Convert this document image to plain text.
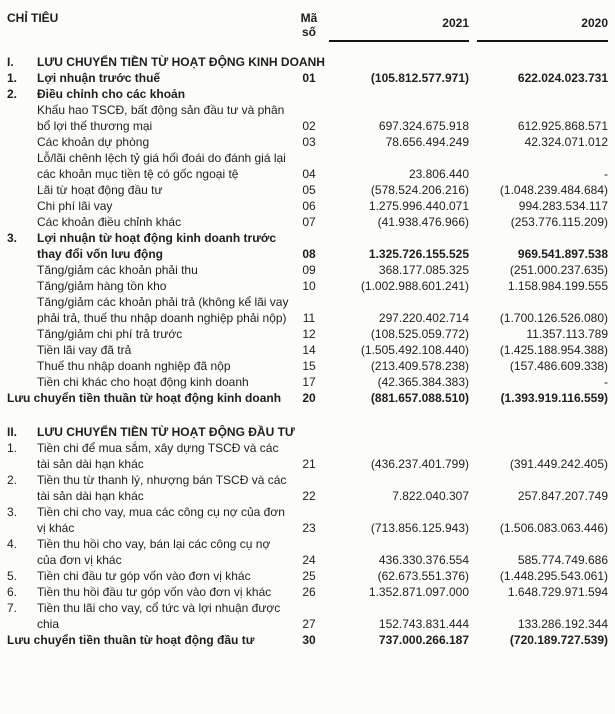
CHỈ TIÊU	Mã
số
2021	2020
I.	LƯU CHUYỂN TIỀN TỪ HOẠT ĐỘNG KINH DOANH
1.	Lợi nhuận trước thuế	01	(105.812.577.971)	622.024.023.731
2.	Điều chỉnh cho các khoản
Khấu hao TSCĐ, bất động sản đầu tư và phân bổ lợi thế thương mại	02	697.324.675.918	612.925.868.571
Các khoản dự phòng	03	78.656.494.249	42.324.071.012
Lỗ/lãi chênh lệch tỷ giá hối đoái do đánh giá lại các khoản mục tiền tệ có gốc ngoại tệ	04	23.806.440	-
Lãi từ hoạt động đầu tư	05	(578.524.206.216)	(1.048.239.484.684)
Chi phí lãi vay	06	1.275.996.440.071	994.283.534.117
Các khoản điều chỉnh khác	07	(41.938.476.966)	(253.776.115.209)
3.	Lợi nhuận từ hoạt động kinh doanh trước thay đổi vốn lưu động	08	1.325.726.155.525	969.541.897.538
Tăng/giảm các khoản phải thu	09	368.177.085.325	(251.000.237.635)
Tăng/giảm hàng tồn kho	10	(1.002.988.601.241)	1.158.984.199.555
Tăng/giảm các khoản phải trả (không kể lãi vay phải trả, thuế thu nhập doanh nghiệp phải nộp)	11	297.220.402.714	(1.700.126.526.080)
Tăng/giảm chi phí trả trước	12	(108.525.059.772)	11.357.113.789
Tiền lãi vay đã trả	14	(1.505.492.108.440)	(1.425.188.954.388)
Thuế thu nhập doanh nghiệp đã nộp	15	(213.409.578.238)	(157.486.609.338)
Tiền chi khác cho hoạt động kinh doanh	17	(42.365.384.383)	-
Lưu chuyển tiền thuần từ hoạt động kinh doanh	20	(881.657.088.510)	(1.393.919.116.559)
II.	LƯU CHUYỂN TIỀN TỪ HOẠT ĐỘNG ĐẦU TƯ
1.	Tiền chi để mua sắm, xây dựng TSCĐ và các tài sản dài hạn khác	21	(436.237.401.799)	(391.449.242.405)
2.	Tiền thu từ thanh lý, nhượng bán TSCĐ và các tài sản dài hạn khác	22	7.822.040.307	257.847.207.749
3.	Tiền chi cho vay, mua các công cụ nợ của đơn vị khác	23	(713.856.125.943)	(1.506.083.063.446)
4.	Tiền thu hồi cho vay, bán lại các công cụ nợ của đơn vị khác	24	436.330.376.554	585.774.749.686
5.	Tiền chi đầu tư góp vốn vào đơn vị khác	25	(62.673.551.376)	(1.448.295.543.061)
6.	Tiền thu hồi đầu tư góp vốn vào đơn vị khác	26	1.352.871.097.000	1.648.729.971.594
7.	Tiền thu lãi cho vay, cổ tức và lợi nhuận được chia	27	152.743.831.444	133.286.192.344
Lưu chuyển tiền thuần từ hoạt động đầu tư	30	737.000.266.187	(720.189.727.539)
